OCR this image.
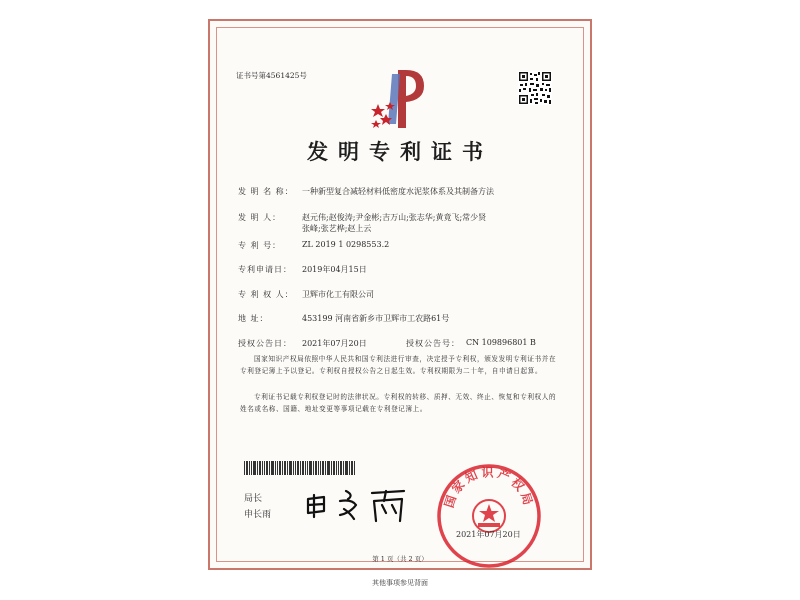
证书号第4561425号
发明专利证书
发 明 名 称： 一种新型复合减轻材料低密度水泥浆体系及其制备方法
发 明 人：	赵元伟;赵俊涛;尹金彬;吉万山;张志华;黄竟飞;常少贤
张峰;张艺桦;赵上云
专 利 号：	ZL 2019 1 0298553.2
专利申请日： 2019年04月15日
专 利 权 人： 卫辉市化工有限公司
地 址：	453199 河南省新乡市卫辉市工农路61号
授权公告日： 2021年07月20日	授权公告号： CN 109896801 B
国家知识产权局依照中华人民共和国专利法进行审查，决定授予专利权，颁发发明专利证书并在专利登记簿上予以登记。专利权自授权公告之日起生效。专利权期限为二十年，自申请日起算。
专利证书记载专利权登记时的法律状况。专利权的转移、质押、无效、终止、恢复和专利权人的姓名或名称、国籍、地址变更等事项记载在专利登记簿上。
局长
申长雨
国家知识产权局
2021年07月20日
第 1 页（共 2 页）
其他事项参见背面
